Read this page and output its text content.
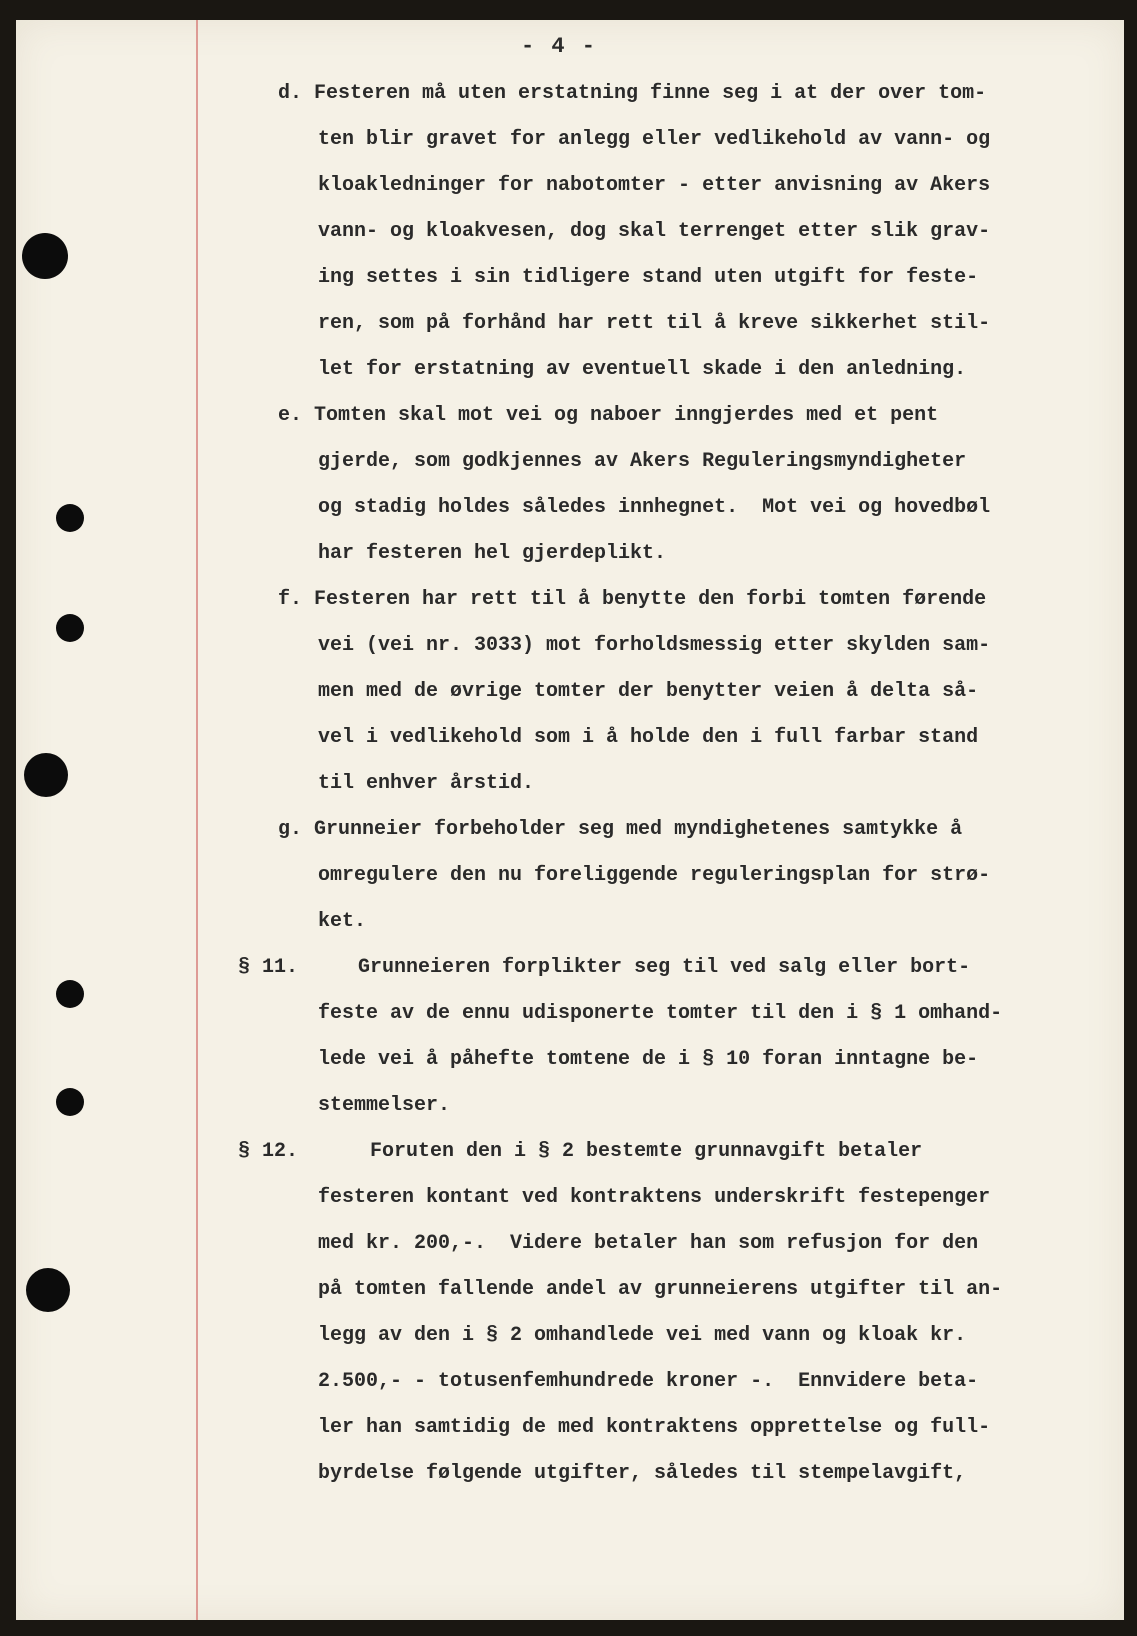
- 4 -
d. Festeren må uten erstatning finne seg i at der over tom-
ten blir gravet for anlegg eller vedlikehold av vann- og
kloakledninger for nabotomter - etter anvisning av Akers
vann- og kloakvesen, dog skal terrenget etter slik grav-
ing settes i sin tidligere stand uten utgift for feste-
ren, som på forhånd har rett til å kreve sikkerhet stil-
let for erstatning av eventuell skade i den anledning.
e. Tomten skal mot vei og naboer inngjerdes med et pent
gjerde, som godkjennes av Akers Reguleringsmyndigheter
og stadig holdes således innhegnet.  Mot vei og hovedbøl
har festeren hel gjerdeplikt.
f. Festeren har rett til å benytte den forbi tomten førende
vei (vei nr. 3033) mot forholdsmessig etter skylden sam-
men med de øvrige tomter der benytter veien å delta så-
vel i vedlikehold som i å holde den i full farbar stand
til enhver årstid.
g. Grunneier forbeholder seg med myndighetenes samtykke å
omregulere den nu foreliggende reguleringsplan for strø-
ket.
§ 11.     Grunneieren forplikter seg til ved salg eller bort-
feste av de ennu udisponerte tomter til den i § 1 omhand-
lede vei å påhefte tomtene de i § 10 foran inntagne be-
stemmelser.
§ 12.      Foruten den i § 2 bestemte grunnavgift betaler
festeren kontant ved kontraktens underskrift festepenger
med kr. 200,-.  Videre betaler han som refusjon for den
på tomten fallende andel av grunneierens utgifter til an-
legg av den i § 2 omhandlede vei med vann og kloak kr.
2.500,- - totusenfemhundrede kroner -.  Ennvidere beta-
ler han samtidig de med kontraktens opprettelse og full-
byrdelse følgende utgifter, således til stempelavgift,
